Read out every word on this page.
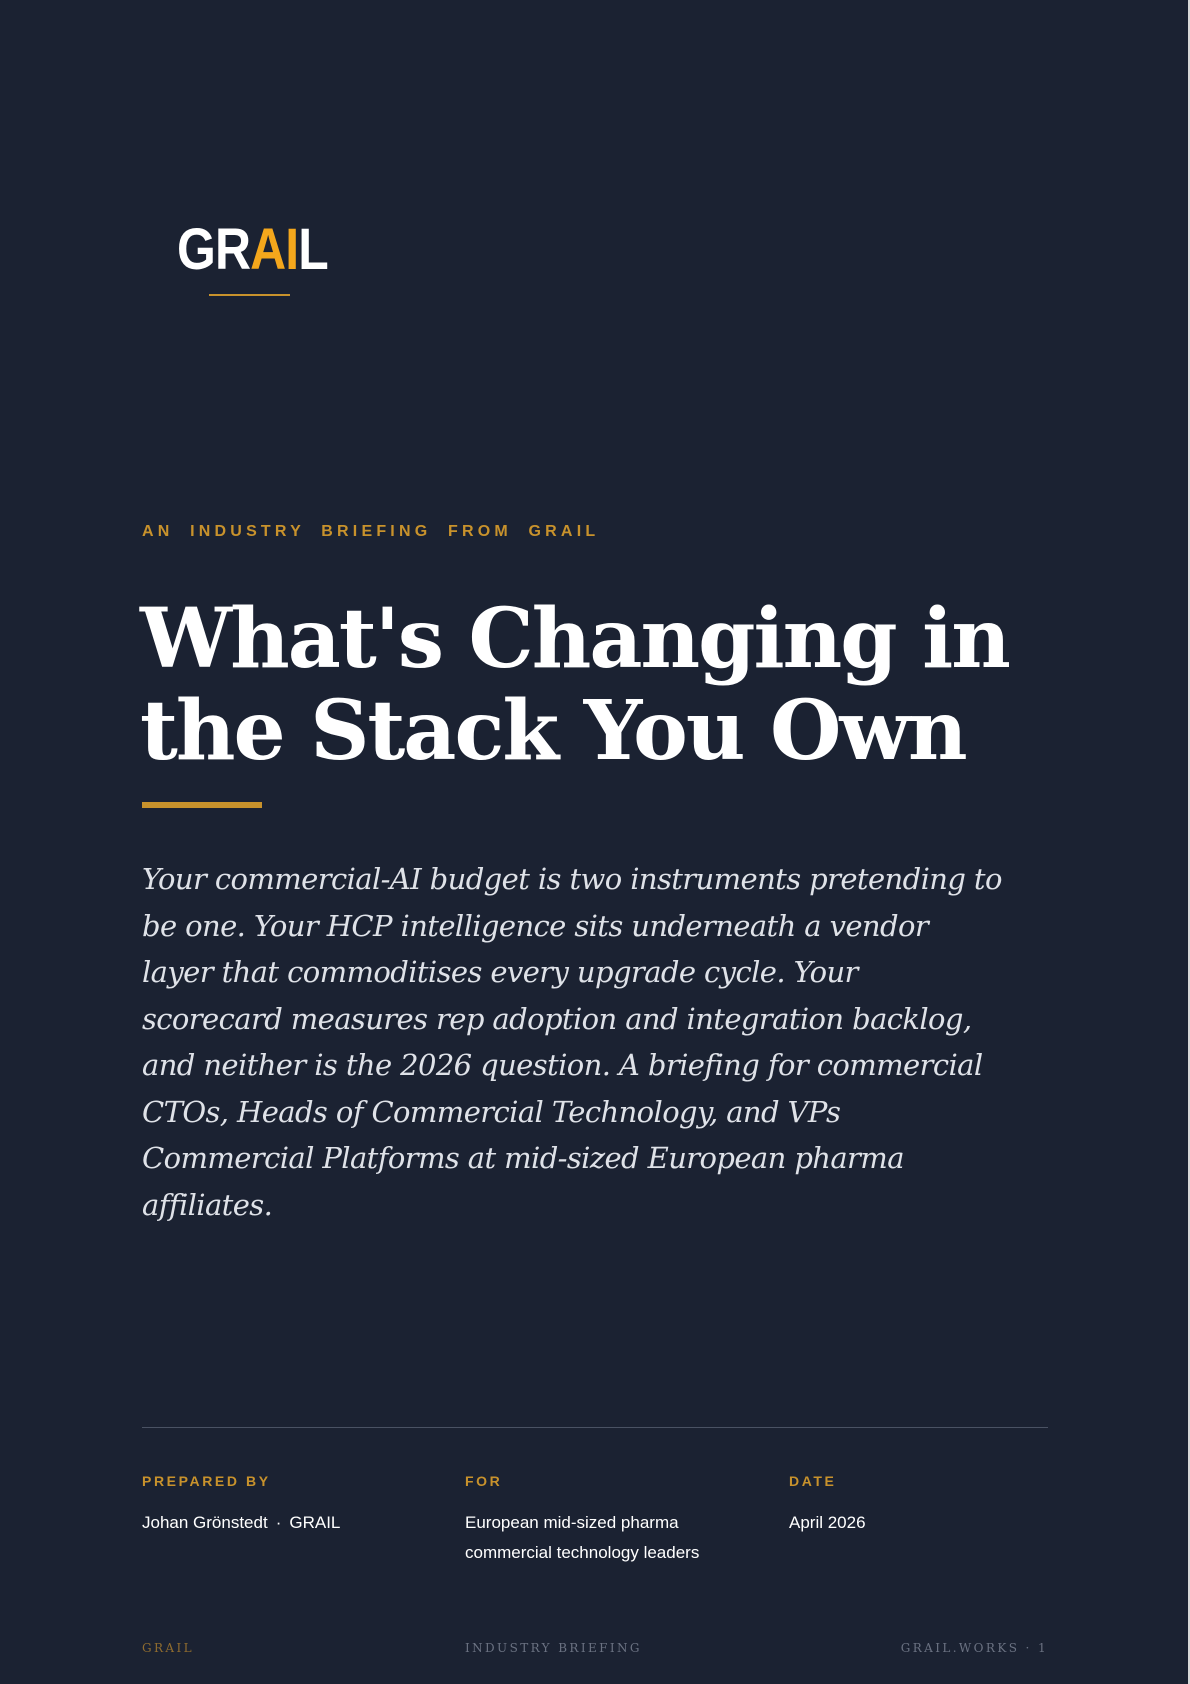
GRAIL
AN INDUSTRY BRIEFING FROM GRAIL
What's Changing in
the Stack You Own

Your commercial-AI budget is two instruments pretending to be one. Your HCP intelligence sits underneath a vendor layer that commoditises every upgrade cycle. Your scorecard measures rep adoption and integration backlog, and neither is the 2026 question. A briefing for commercial CTOs, Heads of Commercial Technology, and VPs Commercial Platforms at mid-sized European pharma affiliates.

PREPARED BY
Johan Grönstedt · GRAIL
FOR
European mid-sized pharma
commercial technology leaders
DATE
April 2026
GRAIL	INDUSTRY BRIEFING	GRAIL.WORKS · 1
